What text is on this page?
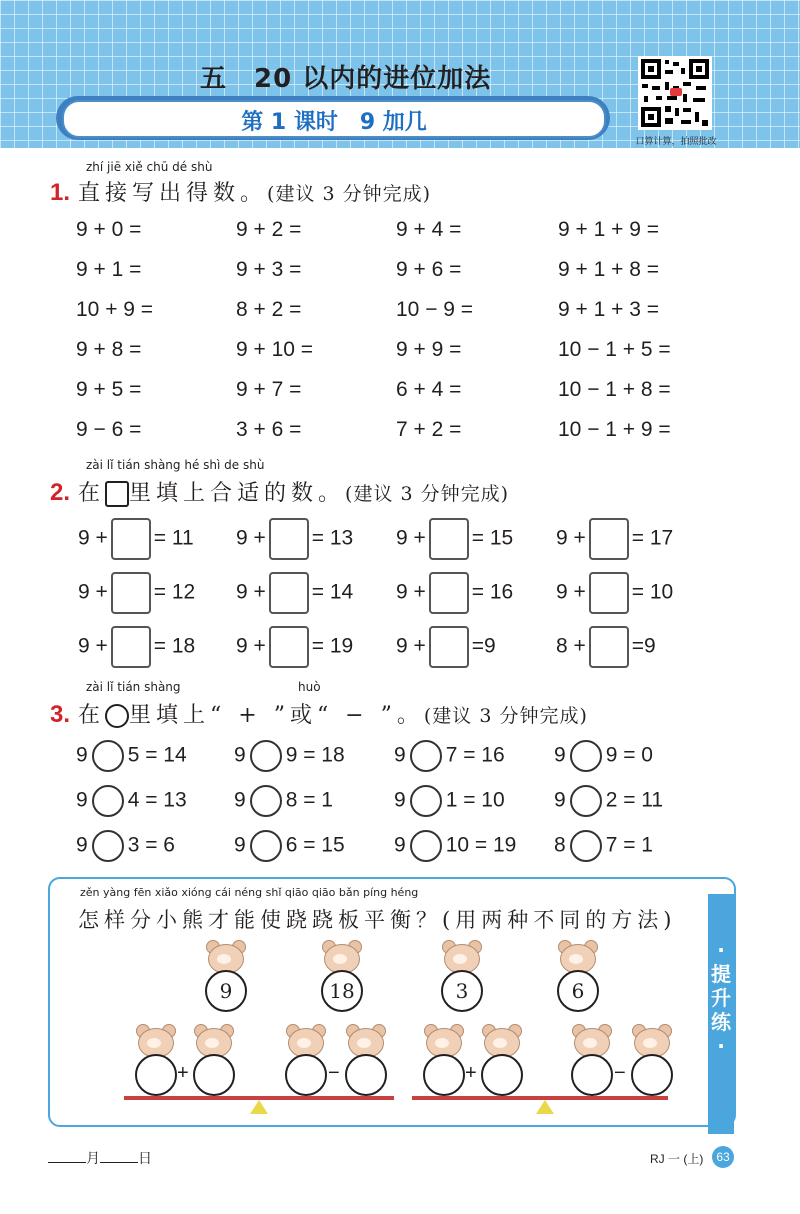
五　20 以内的进位加法
第 1 课时　9 加几
口算计算，拍照批改
zhí jiē xiě chū dé shù
1. 直接写出得数。(建议 3 分钟完成)
9 + 0 =	9 + 2 =	9 + 4 =	9 + 1 + 9 =
9 + 1 =	9 + 3 =	9 + 6 =	9 + 1 + 8 =
10 + 9 =	8 + 2 =	10 − 9 =	9 + 1 + 3 =
9 + 8 =	9 + 10 =	9 + 9 =	10 − 1 + 5 =
9 + 5 =	9 + 7 =	6 + 4 =	10 − 1 + 8 =
9 − 6 =	3 + 6 =	7 + 2 =	10 − 1 + 9 =
zài lǐ tián shàng hé shì de shù
2. 在 里填上合适的数。(建议 3 分钟完成)
9 + = 11 9 + = 13 9 + = 15 9 + = 17
9 + = 12 9 + = 14 9 + = 16 9 + = 10
9 + = 18 9 + = 19 9 + =9	8 + =9
zài lǐ tián shàng	huò
3. 在 里填上“ + ”或“ − ”。(建议 3 分钟完成)
9 5 = 14 9 9 = 18 9 7 = 16 9 9 = 0
9 4 = 13 9 8 = 1	9 1 = 10 9 2 = 11
9 3 = 6	9 6 = 15 9 10 = 19 8 7 = 1
·提升练·
zěn yàng fēn xiǎo xióng cái néng shǐ qiāo qiāo bǎn píng héng
怎样分小熊才能使跷跷板平衡？(用两种不同的方法)
9	18	3	6
+	−	+	−
月	日	RJ 一 (上)	63
